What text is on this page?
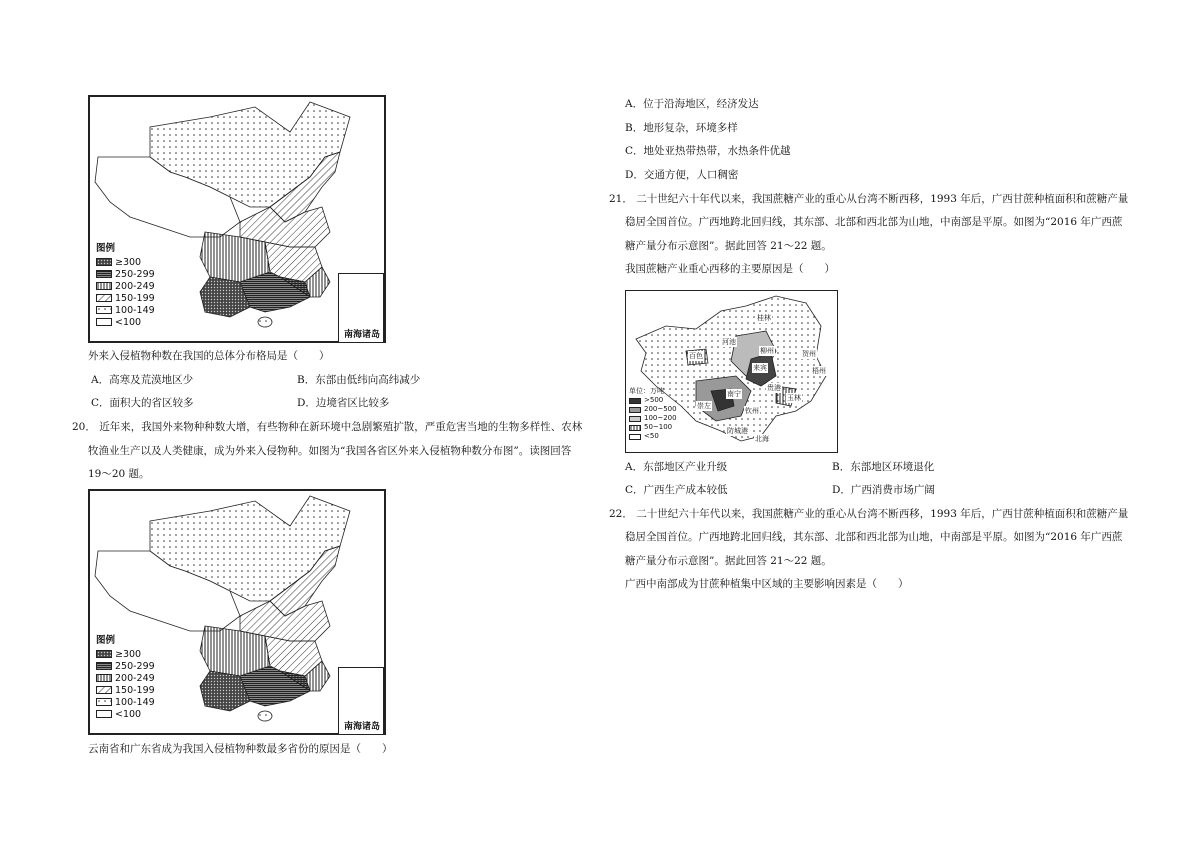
图例
≥300
250-299
200-249
150-199
100-149
<100
南海诸岛
外来入侵植物种数在我国的总体分布格局是（　　）
A．高寒及荒漠地区少	B．东部由低纬向高纬减少
C．面积大的省区较多	D．边境省区比较多
20． 近年来，我国外来物种种数大增，有些物种在新环境中急剧繁殖扩散，严重危害当地的生物多样性、农林
牧渔业生产以及人类健康，成为外来入侵物种。如图为“我国各省区外来入侵植物种数分布图”。读图回答
19～20 题。
图例
≥300
250-299
200-249
150-199
100-149
<100
南海诸岛
云南省和广东省成为我国入侵植物种数最多省份的原因是（　　）
A．位于沿海地区，经济发达
B．地形复杂，环境多样
C．地处亚热带热带，水热条件优越
D．交通方便，人口稠密
21． 二十世纪六十年代以来，我国蔗糖产业的重心从台湾不断西移，1993 年后，广西甘蔗种植面积和蔗糖产量
稳居全国首位。广西地跨北回归线，其东部、北部和西北部为山地，中南部是平原。如图为“2016 年广西蔗
糖产量分布示意图”。据此回答 21～22 题。
我国蔗糖产业重心西移的主要原因是（　　）
桂林
河池
柳州
百色
来宾
贺州
梧州
南宁
贵港
玉林
崇左
钦州
防城港
北海
单位：万吨
>500
200~500
100~200
50~100
<50
A．东部地区产业升级	B．东部地区环境退化
C．广西生产成本较低	D．广西消费市场广阔
22． 二十世纪六十年代以来，我国蔗糖产业的重心从台湾不断西移，1993 年后，广西甘蔗种植面积和蔗糖产量
稳居全国首位。广西地跨北回归线，其东部、北部和西北部为山地，中南部是平原。如图为“2016 年广西蔗
糖产量分布示意图”。据此回答 21～22 题。
广西中南部成为甘蔗种植集中区域的主要影响因素是（　　）
